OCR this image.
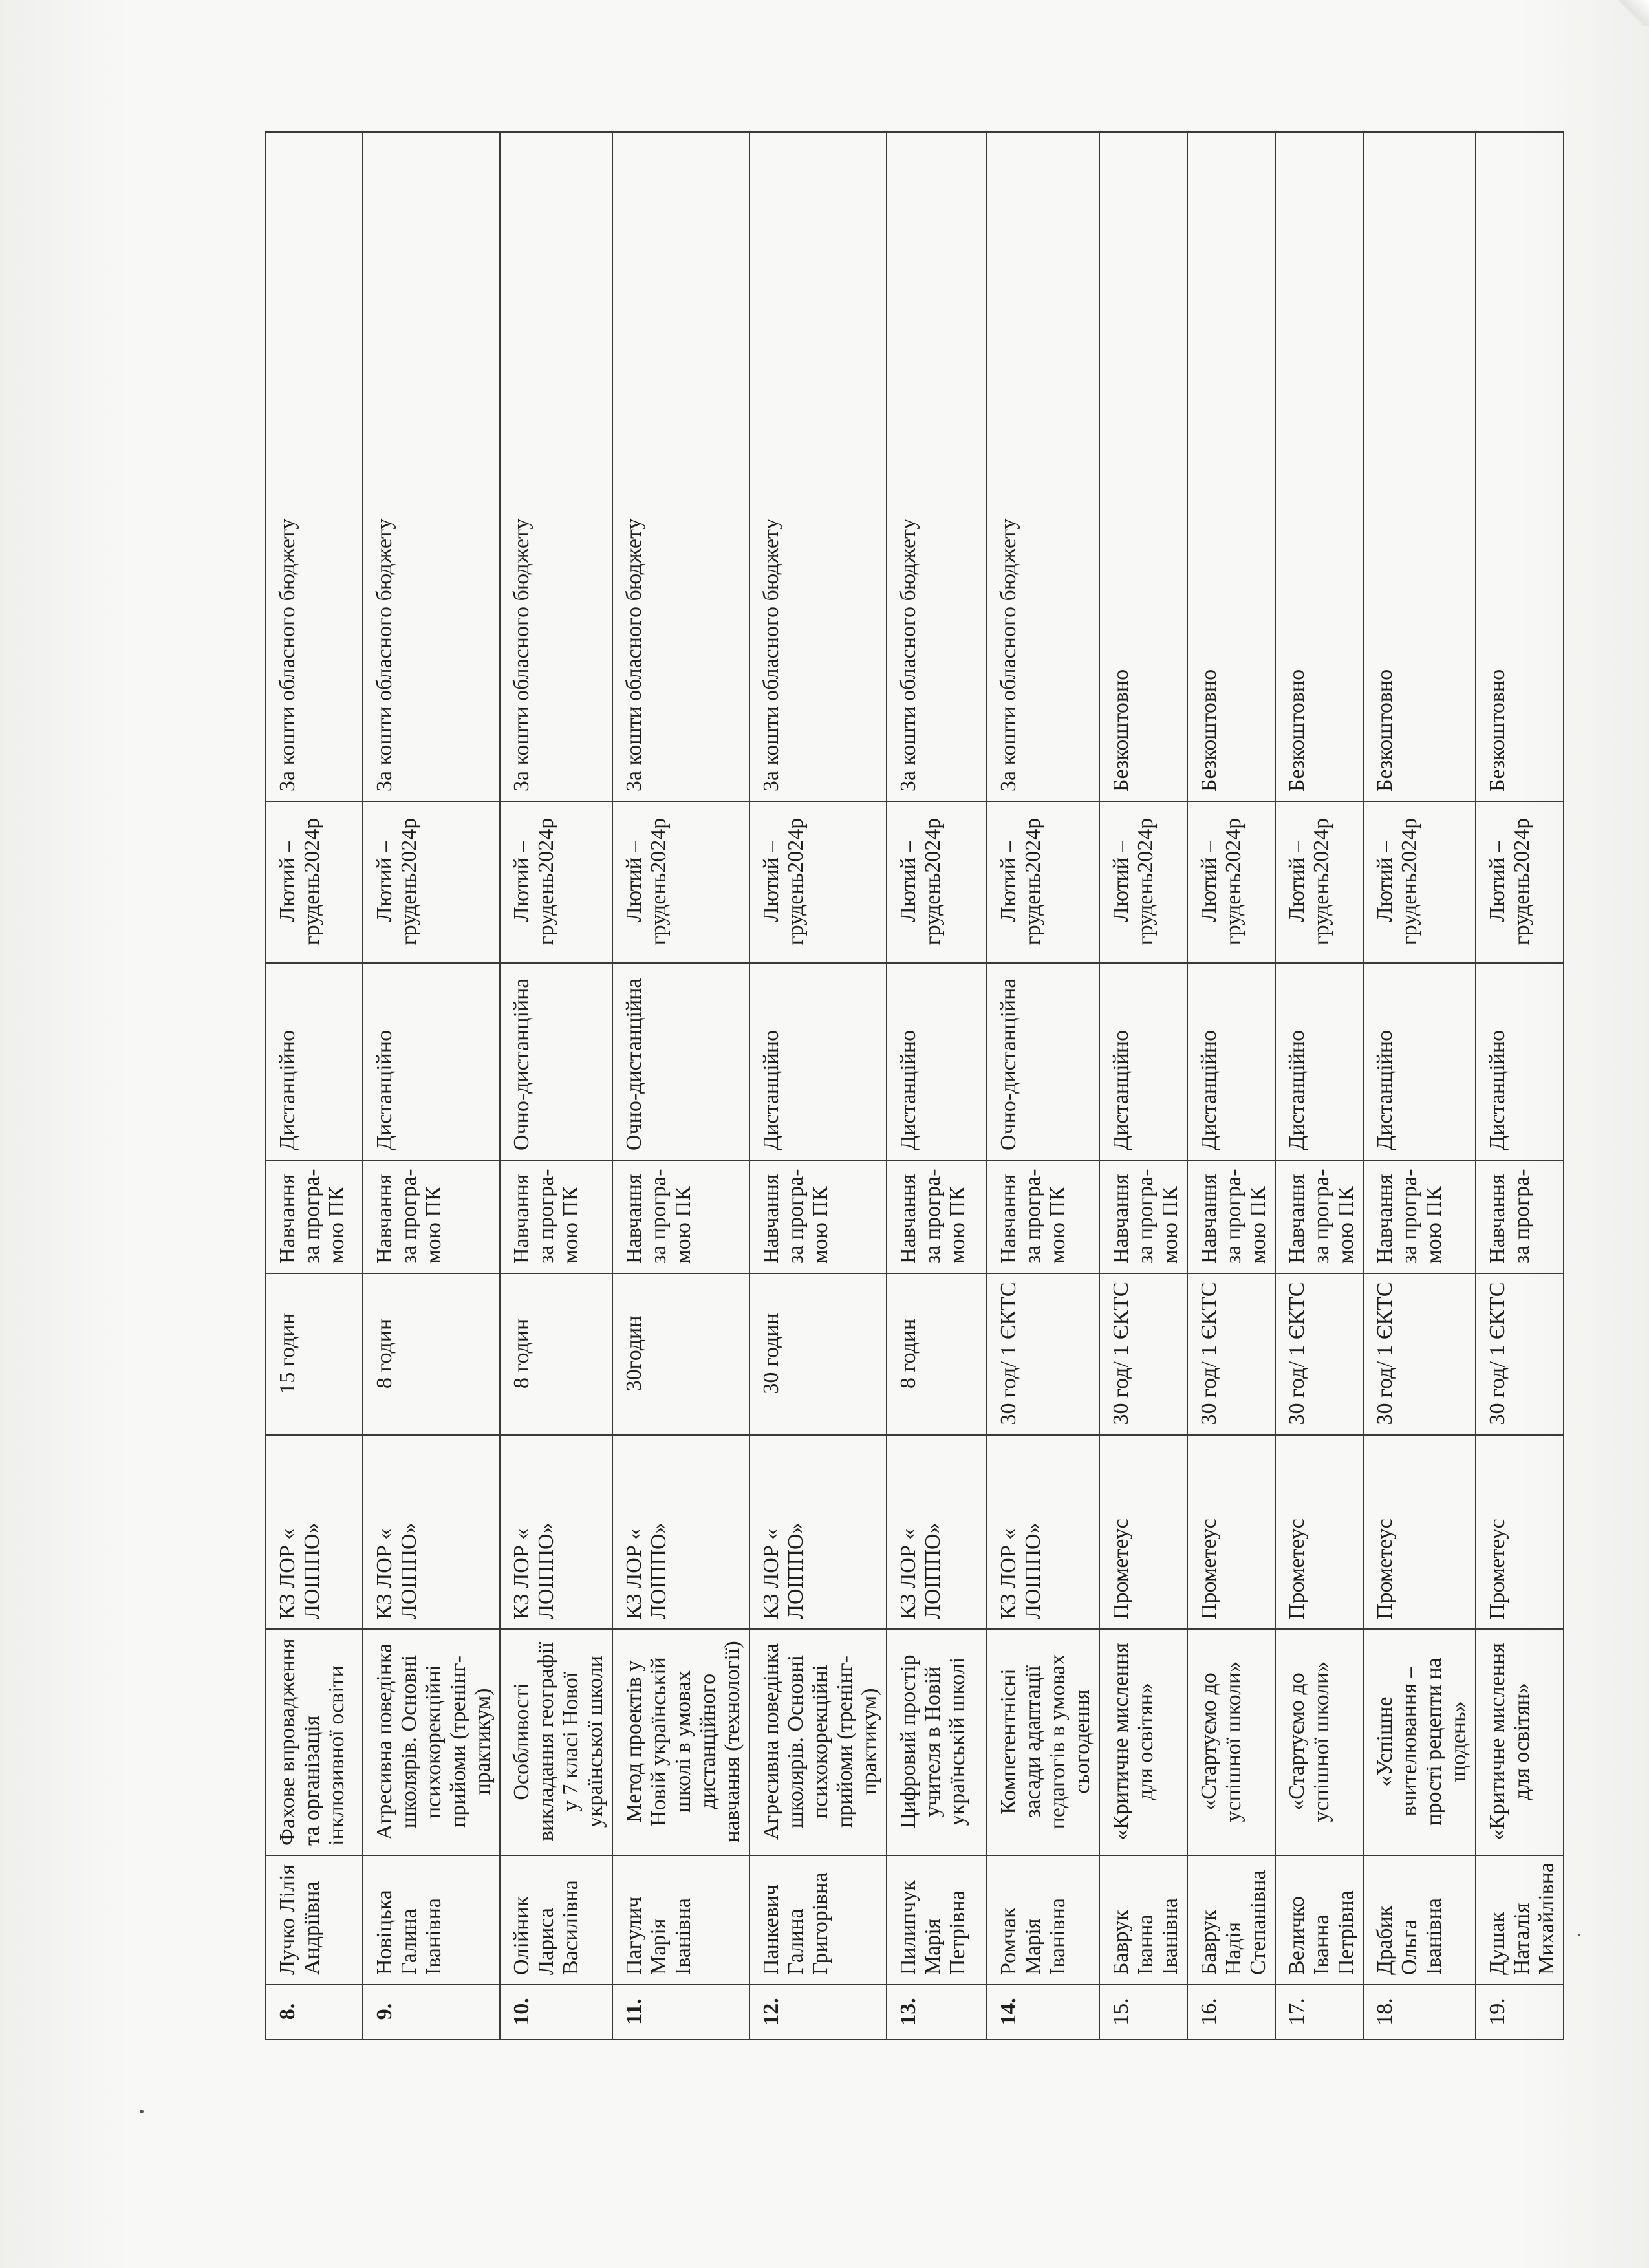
8.	Лучко Лілія Андріївна	Фахове впровадження та організація інклюзивної освіти	КЗ ЛОР « ЛОІППО»	15 годин	Навчання за програ-мою ПК	Дистанційно	Лютий – грудень2024р	За кошти обласного бюджету
9.	Новіцька Галина Іванівна	Агресивна поведінка школярів. Основні психокорекційні прийоми (тренінг-практикум)	КЗ ЛОР « ЛОІППО»	8 годин	Навчання за програ-мою ПК	Дистанційно	Лютий – грудень2024р	За кошти обласного бюджету
10.	Олійник Лариса Василівна	Особливості викладання географії у 7 класі Нової української школи	КЗ ЛОР « ЛОІППО»	8 годин	Навчання за програ-мою ПК	Очно-дистанційна	Лютий – грудень2024р	За кошти обласного бюджету
11.	Пагулич Марія Іванівна	Метод проектів у Новій українській школі в умовах дистанційного навчання (технології)	КЗ ЛОР « ЛОІППО»	30годин	Навчання за програ-мою ПК	Очно-дистанційна	Лютий – грудень2024р	За кошти обласного бюджету
12.	Панкевич Галина Григорівна	Агресивна поведінка школярів. Основні психокорекційні прийоми (тренінг-практикум)	КЗ ЛОР « ЛОІППО»	30 годин	Навчання за програ-мою ПК	Дистанційно	Лютий – грудень2024р	За кошти обласного бюджету
13.	Пилипчук Марія Петрівна	Цифровий простір учителя в Новій українській школі	КЗ ЛОР « ЛОІППО»	8 годин	Навчання за програ-мою ПК	Дистанційно	Лютий – грудень2024р	За кошти обласного бюджету
14.	Ромчак Марія Іванівна	Компетентнісні засади адаптації педагогів в умовах сьогодення	КЗ ЛОР « ЛОІППО»	30 год/ 1 ЄКТС	Навчання за програ-мою ПК	Очно-дистанційна	Лютий – грудень2024р	За кошти обласного бюджету
15.	Баврук Іванна Іванівна	«Критичне мислення для освітян»	Прометеус	30 год/ 1 ЄКТС	Навчання за програ-мою ПК	Дистанційно	Лютий – грудень2024р	Безкоштовно
16.	Баврук Надія Степанівна	«Стартуємо до успішної школи»	Прометеус	30 год/ 1 ЄКТС	Навчання за програ-мою ПК	Дистанційно	Лютий – грудень2024р	Безкоштовно
17.	Величко Іванна Петрівна	«Стартуємо до успішної школи»	Прометеус	30 год/ 1 ЄКТС	Навчання за програ-мою ПК	Дистанційно	Лютий – грудень2024р	Безкоштовно
18.	Драбик Ольга Іванівна	«Успішне вчителювання – прості рецепти на щодень»	Прометеус	30 год/ 1 ЄКТС	Навчання за програ-мою ПК	Дистанційно	Лютий – грудень2024р	Безкоштовно
19.	Душак Наталія Михайлівна	«Критичне мислення для освітян»	Прометеус	30 год/ 1 ЄКТС	Навчання за програ-	Дистанційно	Лютий – грудень2024р	Безкоштовно
